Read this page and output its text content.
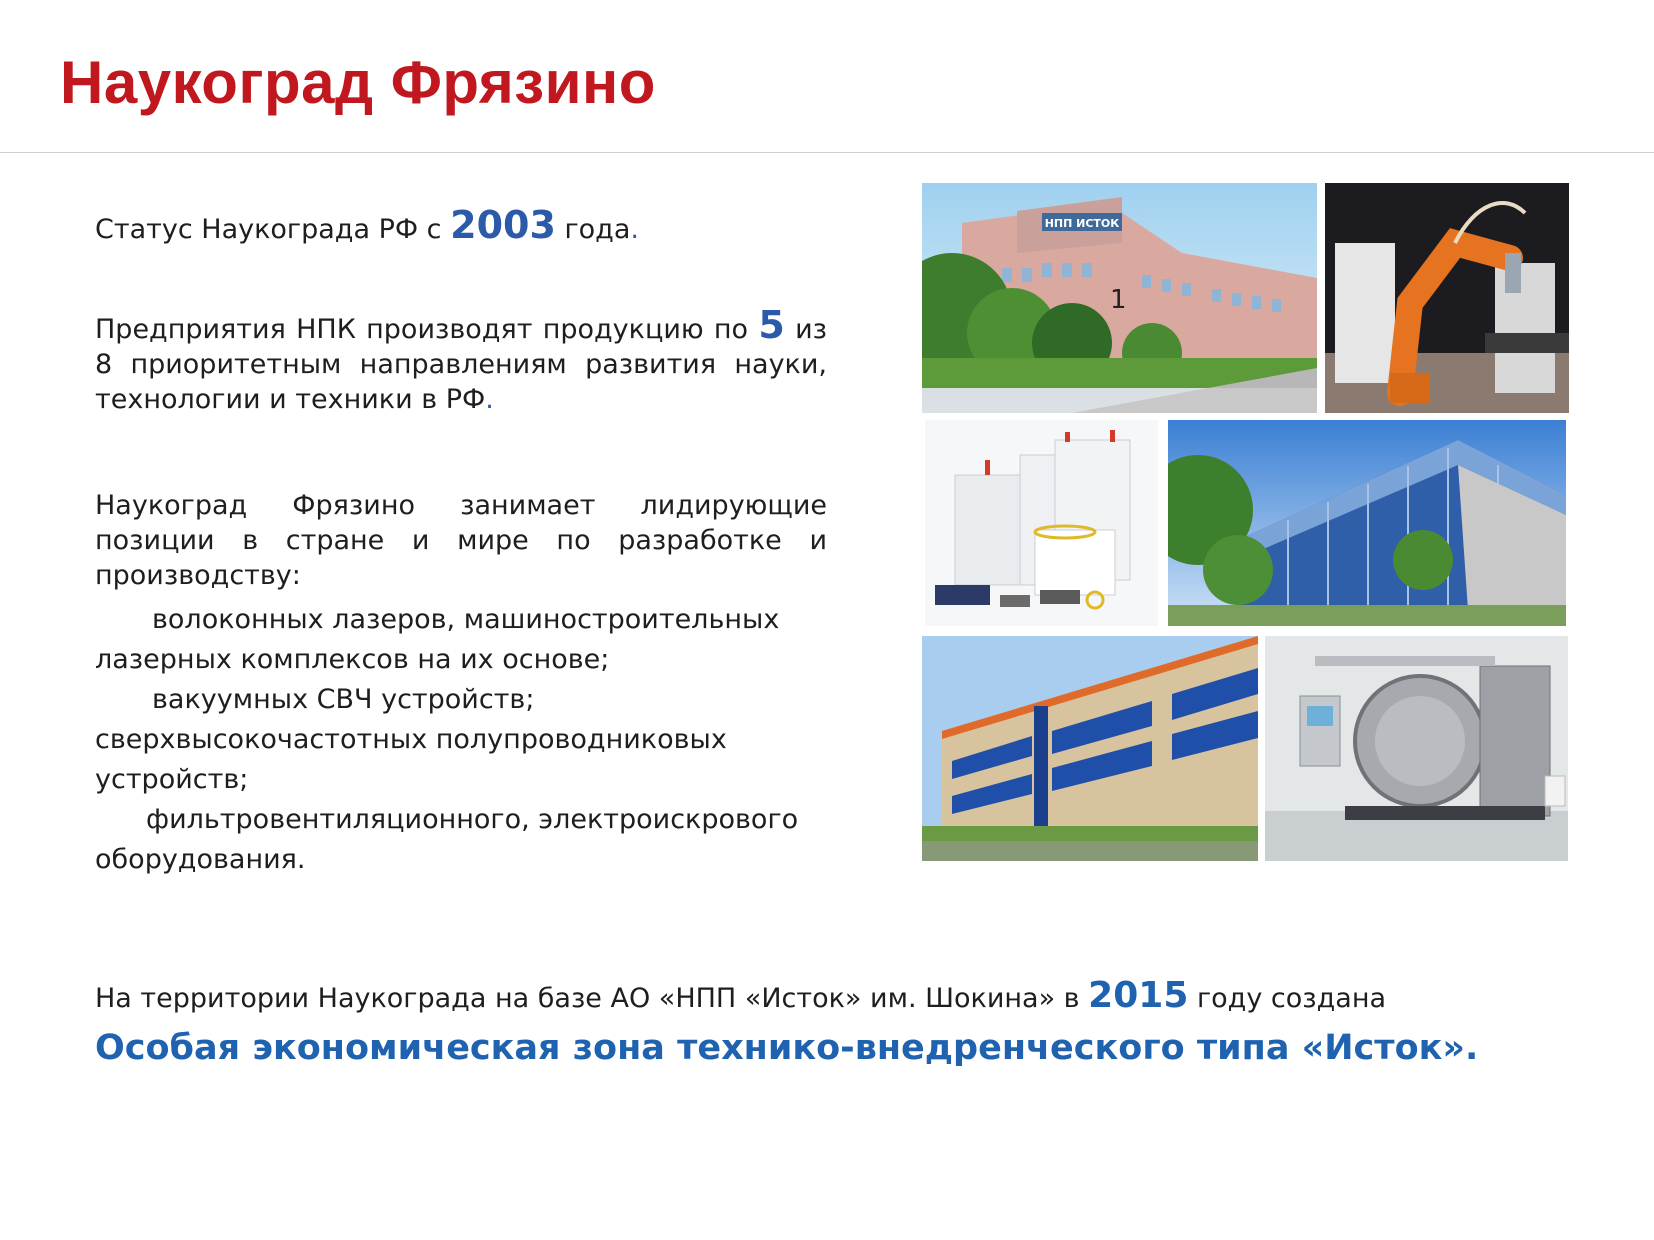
Наукоград Фрязино
Статус Наукограда РФ с 2003 года.
Предприятия НПК производят продукцию по 5 из 8 приоритетным направлениям развития науки, технологии и техники в РФ.
Наукоград Фрязино занимает лидирующие позиции в стране и мире по разработке и производству:
волоконных лазеров, машиностроительных
лазерных комплексов на их основе;
вакуумных СВЧ устройств;
сверхвысокочастотных полупроводниковых
устройств;
фильтровентиляционного, электроискрового
оборудования.
На территории Наукограда на базе АО «НПП «Исток» им. Шокина» в 2015 году создана
Особая экономическая зона технико-внедренческого типа «Исток».
НПП ИСТОК
1
